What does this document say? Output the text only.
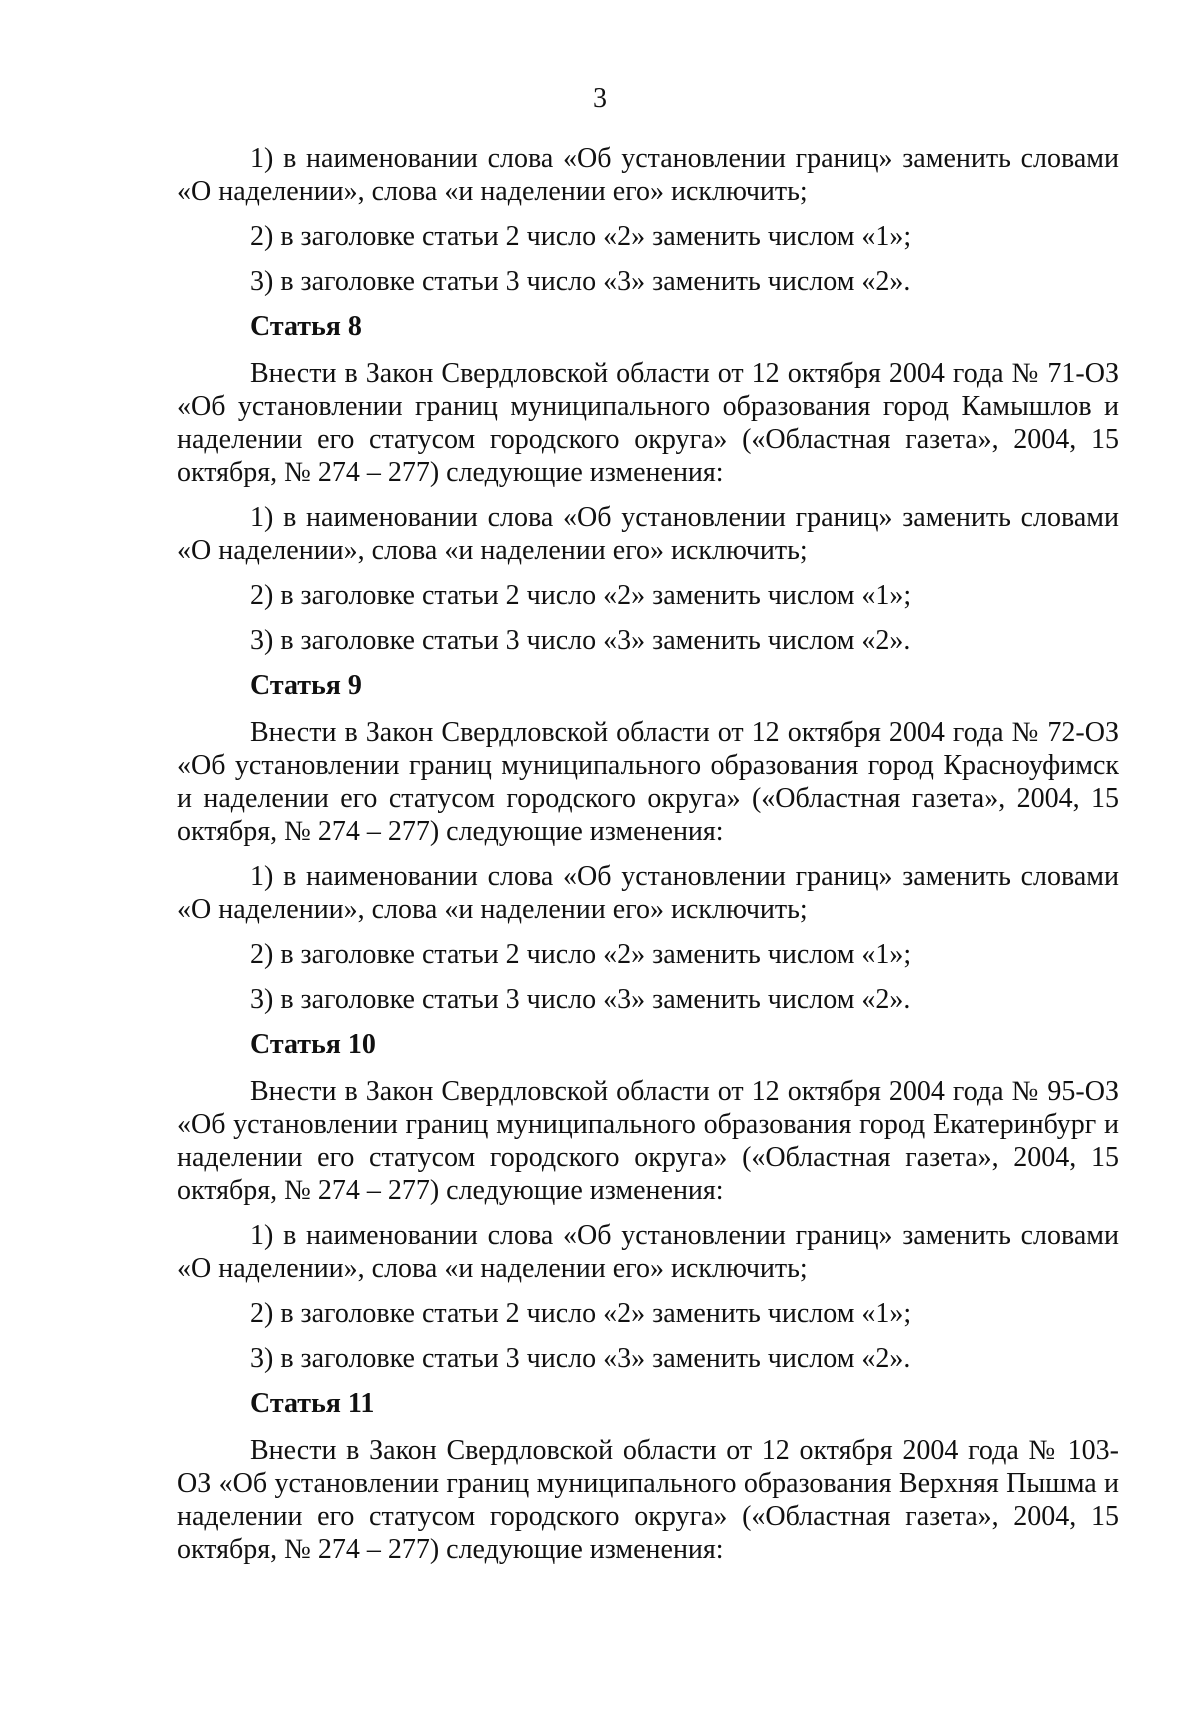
3

1) в наименовании слова «Об установлении границ» заменить словами «О наделении», слова «и наделении его» исключить;

2) в заголовке статьи 2 число «2» заменить числом «1»;

3) в заголовке статьи 3 число «3» заменить числом «2».

Статья 8

Внести в Закон Свердловской области от 12 октября 2004 года № 71-ОЗ «Об установлении границ муниципального образования город Камышлов и наделении его статусом городского округа» («Областная газета», 2004, 15 октября, № 274 – 277) следующие изменения:

1) в наименовании слова «Об установлении границ» заменить словами «О наделении», слова «и наделении его» исключить;

2) в заголовке статьи 2 число «2» заменить числом «1»;

3) в заголовке статьи 3 число «3» заменить числом «2».

Статья 9

Внести в Закон Свердловской области от 12 октября 2004 года № 72-ОЗ «Об установлении границ муниципального образования город Красноуфимск и наделении его статусом городского округа» («Областная газета», 2004, 15 октября, № 274 – 277) следующие изменения:

1) в наименовании слова «Об установлении границ» заменить словами «О наделении», слова «и наделении его» исключить;

2) в заголовке статьи 2 число «2» заменить числом «1»;

3) в заголовке статьи 3 число «3» заменить числом «2».

Статья 10

Внести в Закон Свердловской области от 12 октября 2004 года № 95-ОЗ «Об установлении границ муниципального образования город Екатеринбург и наделении его статусом городского округа» («Областная газета», 2004, 15 октября, № 274 – 277) следующие изменения:

1) в наименовании слова «Об установлении границ» заменить словами «О наделении», слова «и наделении его» исключить;

2) в заголовке статьи 2 число «2» заменить числом «1»;

3) в заголовке статьи 3 число «3» заменить числом «2».

Статья 11

Внести в Закон Свердловской области от 12 октября 2004 года № 103-ОЗ «Об установлении границ муниципального образования Верхняя Пышма и наделении его статусом городского округа» («Областная газета», 2004, 15 октября, № 274 – 277) следующие изменения:
